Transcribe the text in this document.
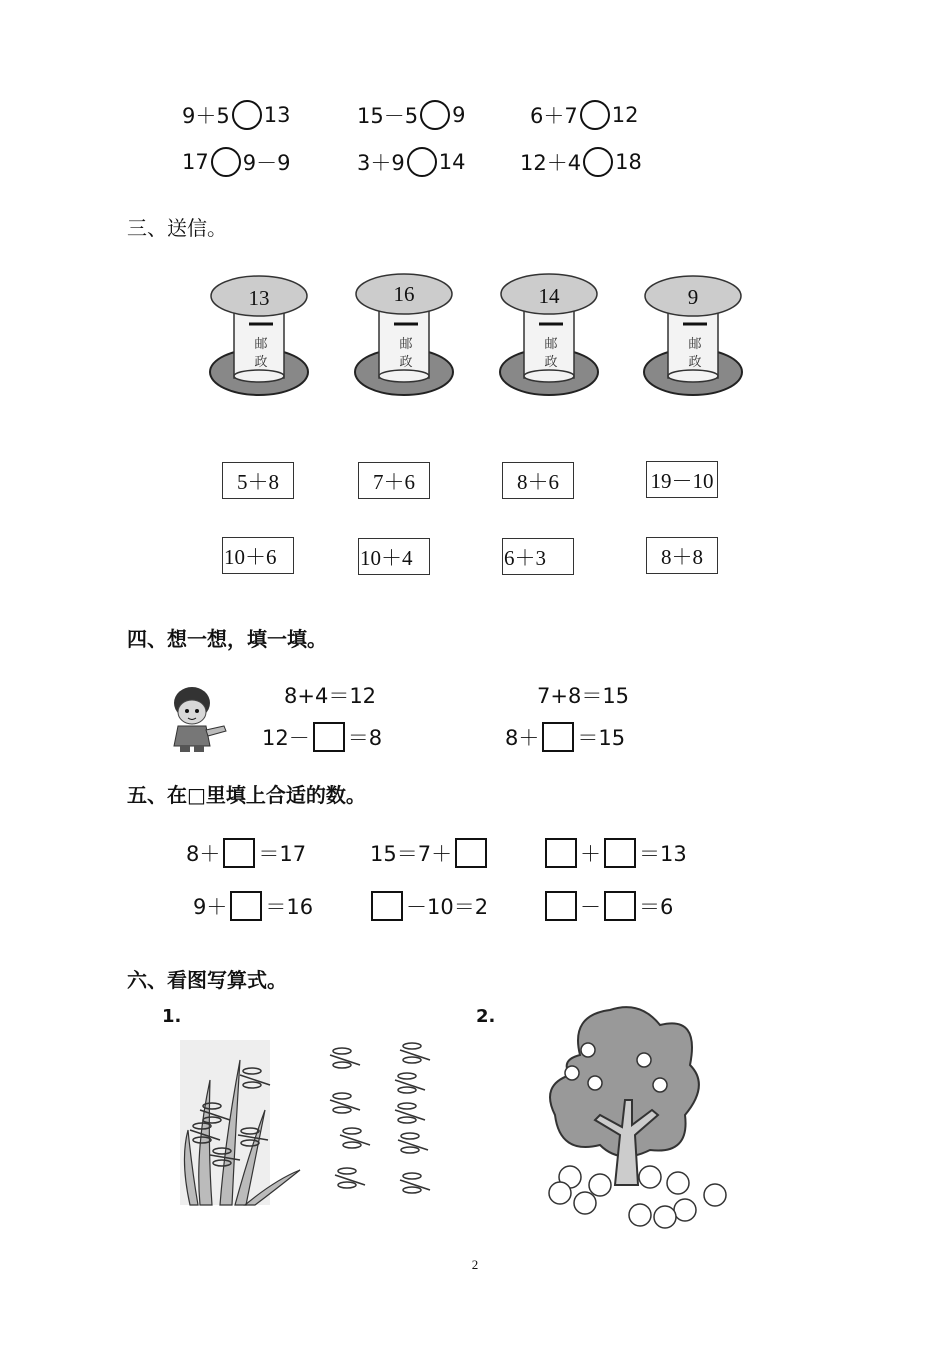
9＋5 13	15－5 9	6＋7 12
17 9－9	3＋9 14	12＋4 18
三、送信。
邮
政
13
邮
政
16
邮
政
14
邮
政
9
5＋8	7＋6	8＋6	19－10
10＋6	10＋4	6＋3	8＋8
四、想一想，填一填。
8+4＝12
12－ ＝8
7+8＝15
8＋ ＝15
五、在□里填上合适的数。
8＋ ＝17	15＝7＋	＋ ＝13
9＋ ＝16	－10＝2	－ ＝6
六、看图写算式。
1.	2.
2
